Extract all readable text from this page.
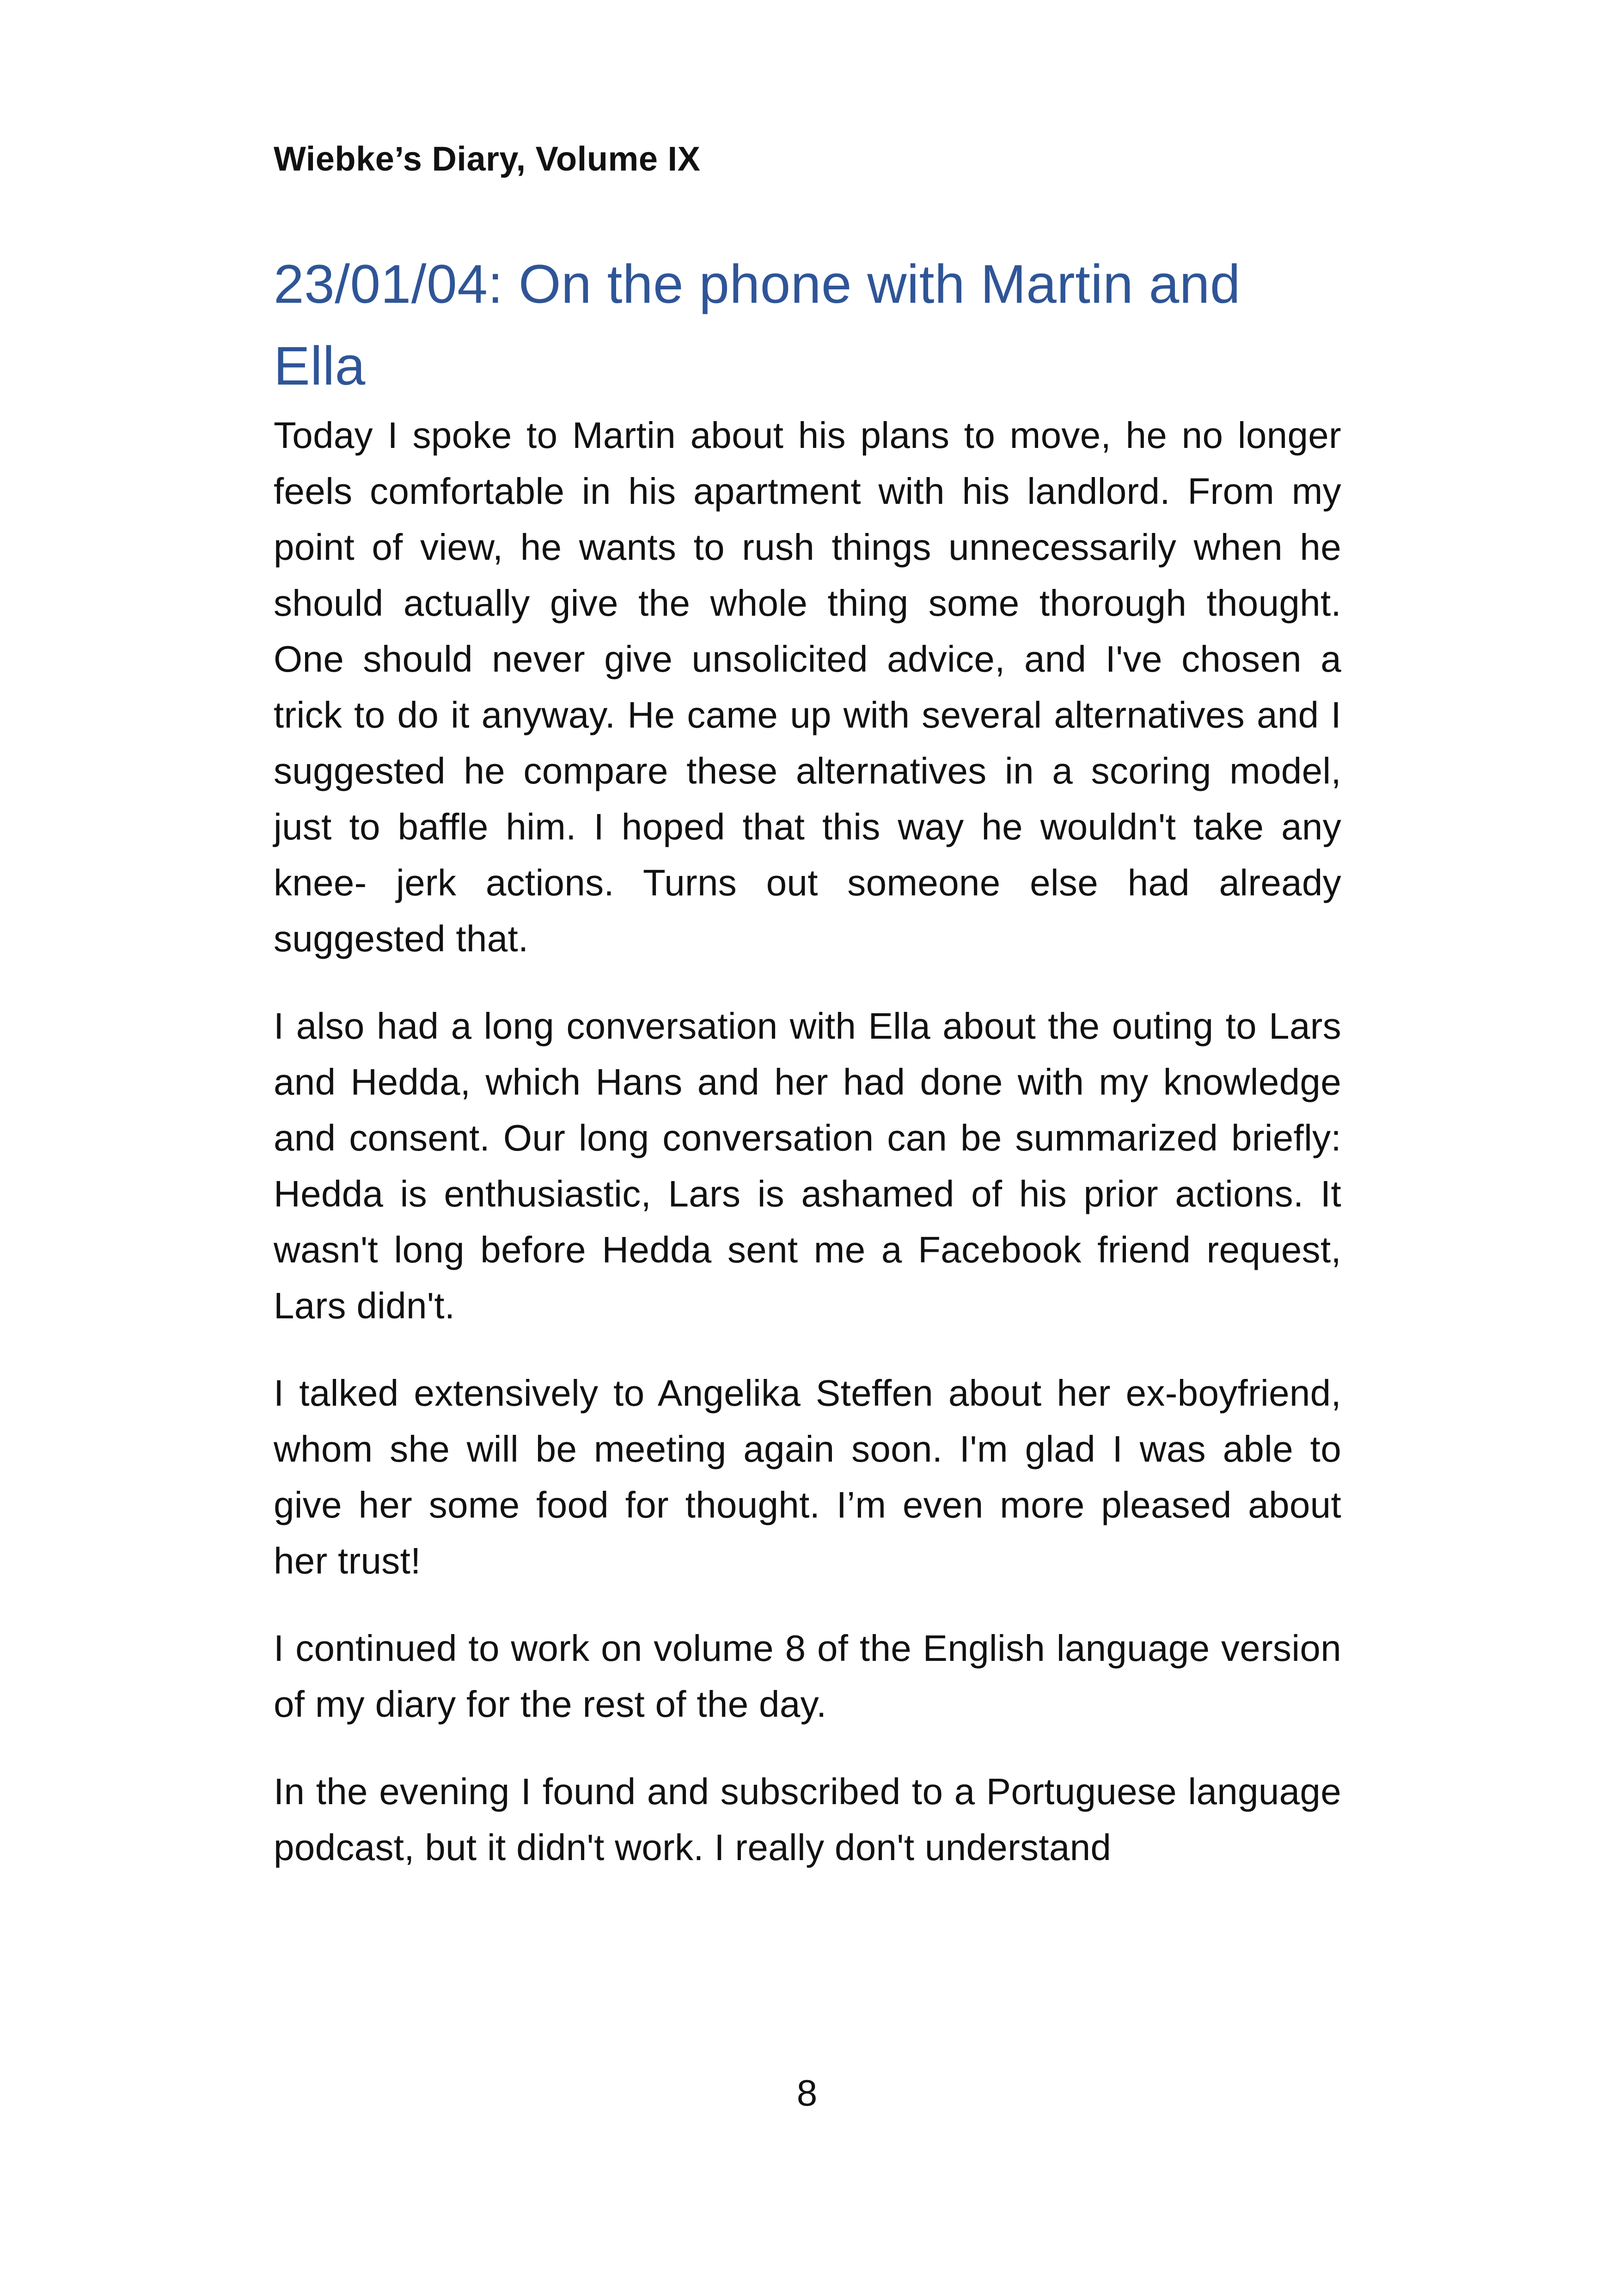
Wiebke’s Diary, Volume IX

23/01/04: On the phone with Martin and Ella

Today I spoke to Martin about his plans to move, he no longer feels comfortable in his apartment with his landlord. From my point of view, he wants to rush things unnecessarily when he should actually give the whole thing some thorough thought. One should never give unsolicited advice, and I've chosen a trick to do it anyway. He came up with several alternatives and I suggested he compare these alternatives in a scoring model, just to baffle him. I hoped that this way he wouldn't take any knee- jerk actions. Turns out someone else had already suggested that.

I also had a long conversation with Ella about the outing to Lars and Hedda, which Hans and her had done with my knowledge and consent. Our long conversation can be summarized briefly: Hedda is enthusiastic, Lars is ashamed of his prior actions. It wasn't long before Hedda sent me a Facebook friend request, Lars didn't.

I talked extensively to Angelika Steffen about her ex-boyfriend, whom she will be meeting again soon. I'm glad I was able to give her some food for thought. I’m even more pleased about her trust!

I continued to work on volume 8 of the English language version of my diary for the rest of the day.

In the evening I found and subscribed to a Portuguese language podcast, but it didn't work. I really don't understand

8
